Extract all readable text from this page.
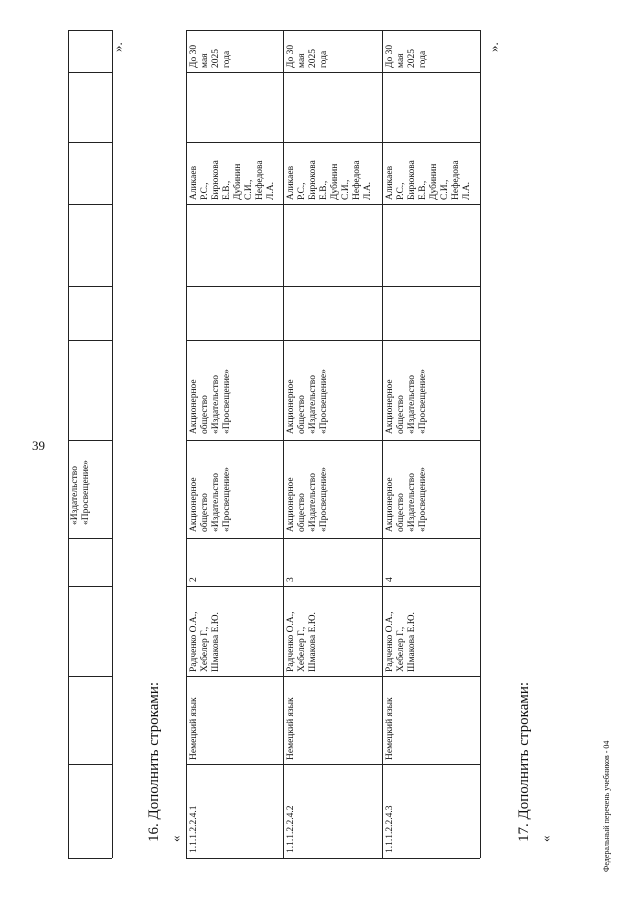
39
«Издательство
«Просвещение»
».
16. Дополнить строками: « 1.1.1.2.2.4.1
Немецкий язык
Радченко О.А.,
Хебелер Г.,
Шмакова Е.Ю.
2
Акционерное
общество
«Издательство
«Просвещение»
Акционерное
общество
«Издательство
«Просвещение»
Аликаев
Р.С.,
Бирюкова
Е.В.,
Дубинин
С.И.,
Нефедова
Л.А.
До 30
мая
2025
года
1.1.1.2.2.4.2
Немецкий язык
Радченко О.А.,
Хебелер Г.,
Шмакова Е.Ю.
3
Акционерное
общество
«Издательство
«Просвещение»
Акционерное
общество
«Издательство
«Просвещение»
Аликаев
Р.С.,
Бирюкова
Е.В.,
Дубинин
С.И.,
Нефедова
Л.А.
До 30
мая
2025
года
1.1.1.2.2.4.3
Немецкий язык
Радченко О.А.,
Хебелер Г.,
Шмакова Е.Ю.
4
Акционерное
общество
«Издательство
«Просвещение»
Акционерное
общество
«Издательство
«Просвещение»
Аликаев
Р.С.,
Бирюкова
Е.В.,
Дубинин
С.И.,
Нефедова
Л.А.
До 30
мая
2025
года
».
17. Дополнить строками: «	Федеральный перечень учебников - 04
